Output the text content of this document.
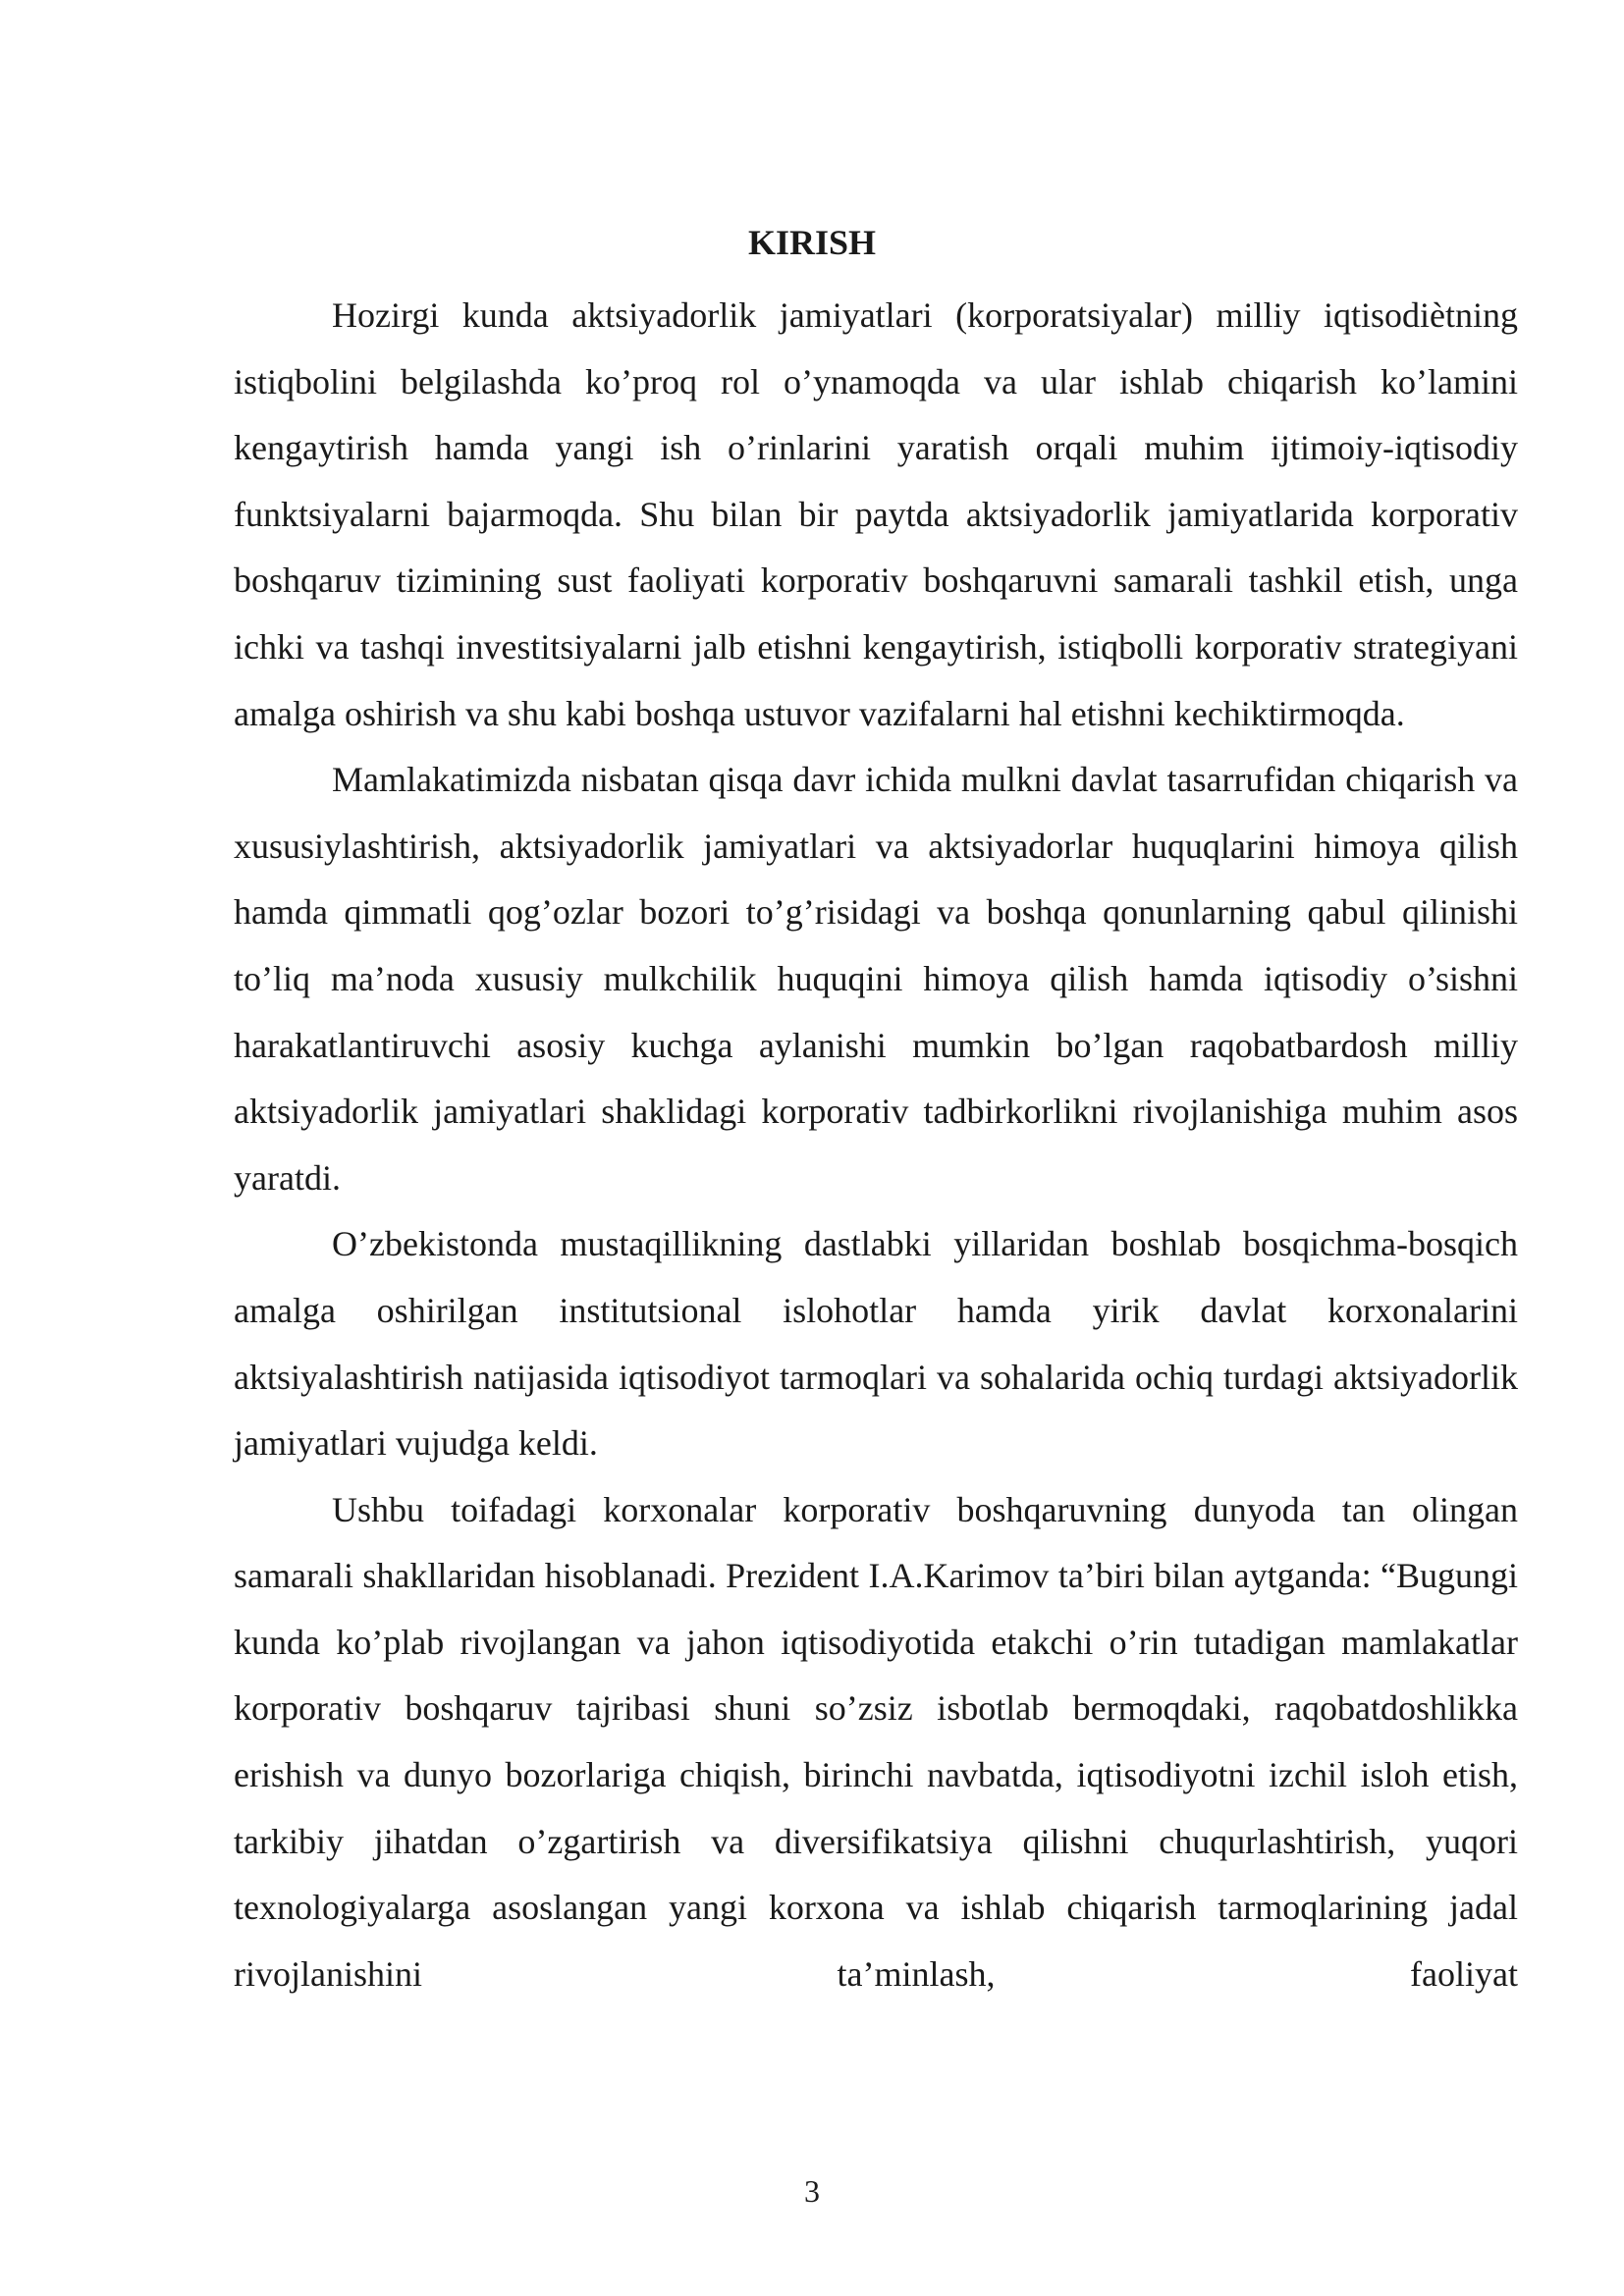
KIRISH

Hozirgi kunda aktsiyadorlik jamiyatlari (korporatsiyalar) milliy iqtisodiètning istiqbolini belgilashda ko’proq rol o’ynamoqda va ular ishlab chiqarish ko’lamini kengaytirish hamda yangi ish o’rinlarini yaratish orqali muhim ijtimoiy-iqtisodiy funktsiyalarni bajarmoqda. Shu bilan bir paytda aktsiyadorlik jamiyatlarida korporativ boshqaruv tizimining sust faoliyati korporativ boshqaruvni samarali tashkil etish, unga ichki va tashqi investitsiyalarni jalb etishni kengaytirish, istiqbolli korporativ strategiyani amalga oshirish va shu kabi boshqa ustuvor vazifalarni hal etishni kechiktirmoqda.

Mamlakatimizda nisbatan qisqa davr ichida mulkni davlat tasarrufidan chiqarish va xususiylashtirish, aktsiyadorlik jamiyatlari va aktsiyadorlar huquqlarini himoya qilish hamda qimmatli qog’ozlar bozori to’g’risidagi va boshqa qonunlarning qabul qilinishi to’liq ma’noda xususiy mulkchilik huquqini himoya qilish hamda iqtisodiy o’sishni harakatlantiruvchi asosiy kuchga aylanishi mumkin bo’lgan raqobatbardosh milliy aktsiyadorlik jamiyatlari shaklidagi korporativ tadbirkorlikni rivojlanishiga muhim asos yaratdi.

O’zbekistonda mustaqillikning dastlabki yillaridan boshlab bosqichma-bosqich amalga oshirilgan institutsional islohotlar hamda yirik davlat korxonalarini aktsiyalashtirish natijasida iqtisodiyot tarmoqlari va sohalarida ochiq turdagi aktsiyadorlik jamiyatlari vujudga keldi.

Ushbu toifadagi korxonalar korporativ boshqaruvning dunyoda tan olingan samarali shakllaridan hisoblanadi. Prezident I.A.Karimov ta’biri bilan aytganda: “Bugungi kunda ko’plab rivojlangan va jahon iqtisodiyotida etakchi o’rin tutadigan mamlakatlar korporativ boshqaruv tajribasi shuni so’zsiz isbotlab bermoqdaki, raqobatdoshlikka erishish va dunyo bozorlariga chiqish, birinchi navbatda, iqtisodiyotni izchil isloh etish, tarkibiy jihatdan o’zgartirish va diversifikatsiya qilishni chuqurlashtirish, yuqori texnologiyalarga asoslangan yangi korxona va ishlab chiqarish tarmoqlarining jadal rivojlanishini ta’minlash, faoliyat

3
